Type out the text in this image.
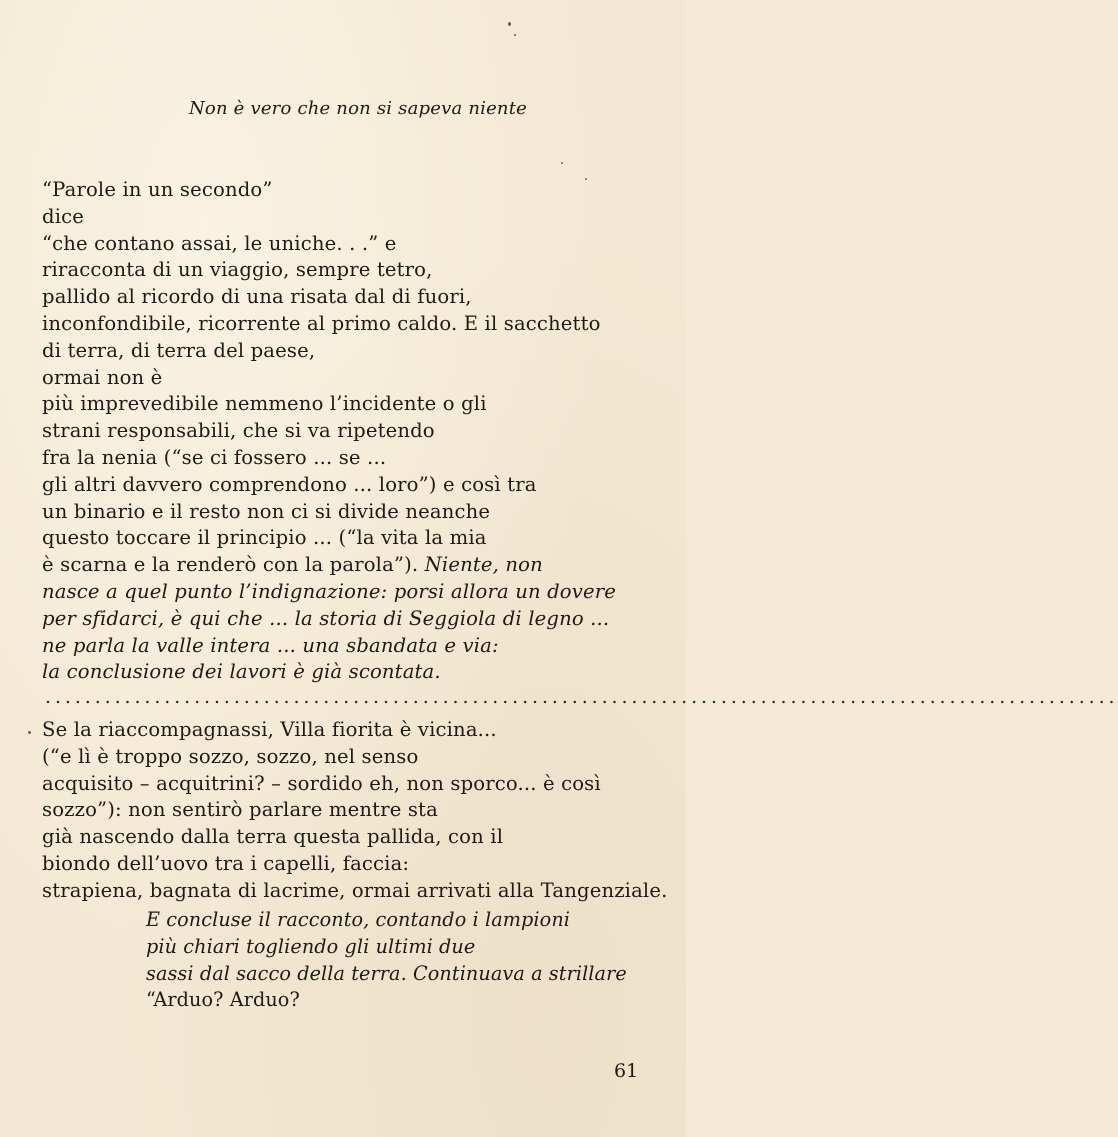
Non è vero che non si sapeva niente
“Parole in un secondo”
dice
“che contano assai, le uniche. . .” e
riracconta di un viaggio, sempre tetro,
pallido al ricordo di una risata dal di fuori,
inconfondibile, ricorrente al primo caldo. E il sacchetto
di terra, di terra del paese,
ormai non è
più imprevedibile nemmeno l’incidente o gli
strani responsabili, che si va ripetendo
fra la nenia (“se ci fossero ... se ...
gli altri davvero comprendono ... loro”) e così tra
un binario e il resto non ci si divide neanche
questo toccare il principio ... (“la vita la mia
è scarna e la renderò con la parola”). Niente, non
nasce a quel punto l’indignazione: porsi allora un dovere
per sfidarci, è qui che ... la storia di Seggiola di legno ...
ne parla la valle intera ... una sbandata e via:
la conclusione dei lavori è già scontata.
............................................................................................................
Se la riaccompagnassi, Villa fiorita è vicina...
(“e lì è troppo sozzo, sozzo, nel senso
acquisito – acquitrini? – sordido eh, non sporco... è così
sozzo”): non sentirò parlare mentre sta
già nascendo dalla terra questa pallida, con il
biondo dell’uovo tra i capelli, faccia:
strapiena, bagnata di lacrime, ormai arrivati alla Tangenziale.
E concluse il racconto, contando i lampioni
più chiari togliendo gli ultimi due
sassi dal sacco della terra. Continuava a strillare
“Arduo? Arduo?
61
